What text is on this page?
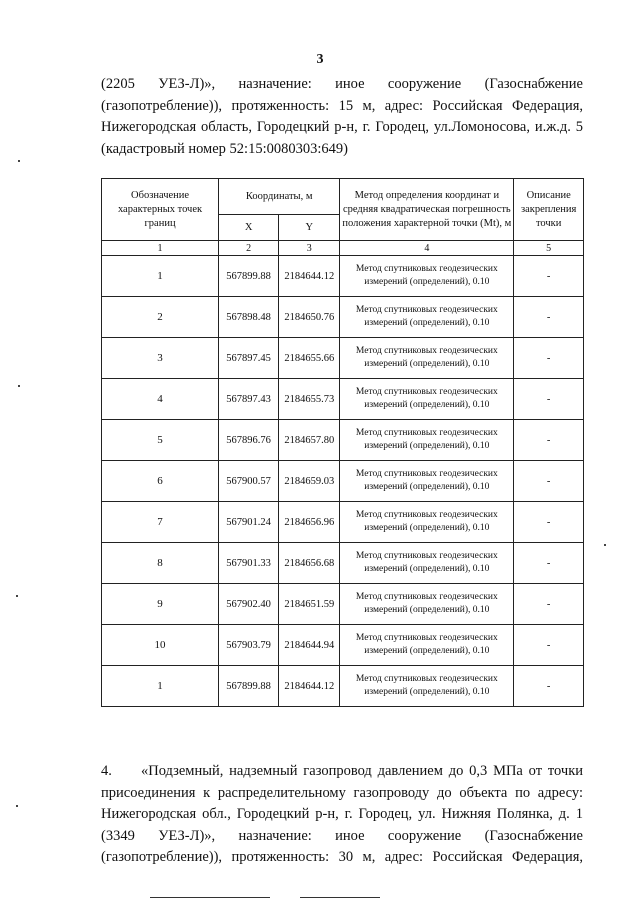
3
(2205 УЕЗ-Л)», назначение: иное сооружение (Газоснабжение
(газопотребление)), протяженность: 15 м, адрес: Российская Федерация,
Нижегородская область, Городецкий р-н, г. Городец, ул.Ломоносова, и.ж.д. 5
(кадастровый номер 52:15:0080303:649)
Обозначение характерных точек границ	Координаты, м		Метод определения координат и средняя квадратическая погрешность положения характерной точки (Mt), м	Описание закрепления точки
	X	Y		
1	2	3	4	5
1	567899.88	2184644.12	Метод спутниковых геодезических измерений (определений), 0.10	-
2	567898.48	2184650.76	Метод спутниковых геодезических измерений (определений), 0.10	-
3	567897.45	2184655.66	Метод спутниковых геодезических измерений (определений), 0.10	-
4	567897.43	2184655.73	Метод спутниковых геодезических измерений (определений), 0.10	-
5	567896.76	2184657.80	Метод спутниковых геодезических измерений (определений), 0.10	-
6	567900.57	2184659.03	Метод спутниковых геодезических измерений (определений), 0.10	-
7	567901.24	2184656.96	Метод спутниковых геодезических измерений (определений), 0.10	-
8	567901.33	2184656.68	Метод спутниковых геодезических измерений (определений), 0.10	-
9	567902.40	2184651.59	Метод спутниковых геодезических измерений (определений), 0.10	-
10	567903.79	2184644.94	Метод спутниковых геодезических измерений (определений), 0.10	-
1	567899.88	2184644.12	Метод спутниковых геодезических измерений (определений), 0.10	-
4. «Подземный, надземный газопровод давлением до 0,3 МПа от точки
присоединения к распределительному газопроводу до объекта по адресу:
Нижегородская обл., Городецкий р-н, г. Городец, ул. Нижняя Полянка, д. 1
(3349 УЕЗ-Л)», назначение: иное сооружение (Газоснабжение
(газопотребление)), протяженность: 30 м, адрес: Российская Федерация,
